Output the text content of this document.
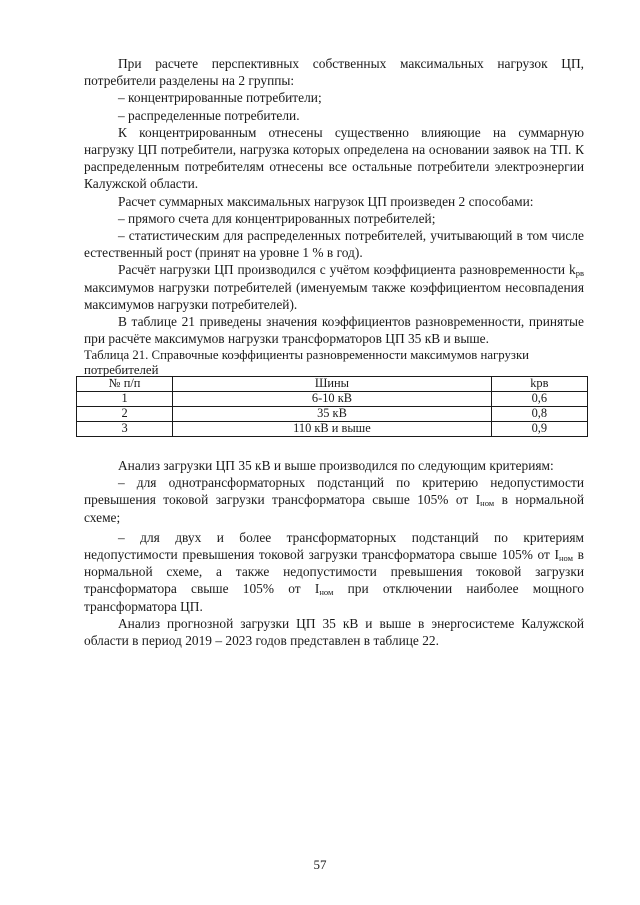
При расчете перспективных собственных максимальных нагрузок ЦП, потребители разделены на 2 группы:

– концентрированные потребители;

– распределенные потребители.

К концентрированным отнесены существенно влияющие на суммарную нагрузку ЦП потребители, нагрузка которых определена на основании заявок на ТП. К распределенным потребителям отнесены все остальные потребители электроэнергии Калужской области.

Расчет суммарных максимальных нагрузок ЦП произведен 2 способами:

– прямого счета для концентрированных потребителей;

– статистическим для распределенных потребителей, учитывающий в том числе естественный рост (принят на уровне 1 % в год).

Расчёт нагрузки ЦП производился с учётом коэффициента разновременности $k_{рв}$ максимумов нагрузки потребителей (именуемым также коэффициентом несовпадения максимумов нагрузки потребителей).

В таблице 21 приведены значения коэффициентов разновременности, принятые при расчёте максимумов нагрузки трансформаторов ЦП 35 кВ и выше.

Таблица 21. Справочные коэффициенты разновременности максимумов нагрузки потребителей
№ п/п	Шины	kрв
1	6-10 кВ	0,6
2	35 кВ	0,8
3	110 кВ и выше	0,9

Анализ загрузки ЦП 35 кВ и выше производился по следующим критериям:

– для однотрансформаторных подстанций по критерию недопустимости превышения токовой загрузки трансформатора свыше 105% от $I_{ном}$ в нормальной схеме;

– для двух и более трансформаторных подстанций по критериям недопустимости превышения токовой загрузки трансформатора свыше 105% от $I_{ном}$ в нормальной схеме, а также недопустимости превышения токовой загрузки трансформатора свыше 105% от $I_{ном}$ при отключении наиболее мощного трансформатора ЦП.

Анализ прогнозной загрузки ЦП 35 кВ и выше в энергосистеме Калужской области в период 2019 – 2023 годов представлен в таблице 22.

57
